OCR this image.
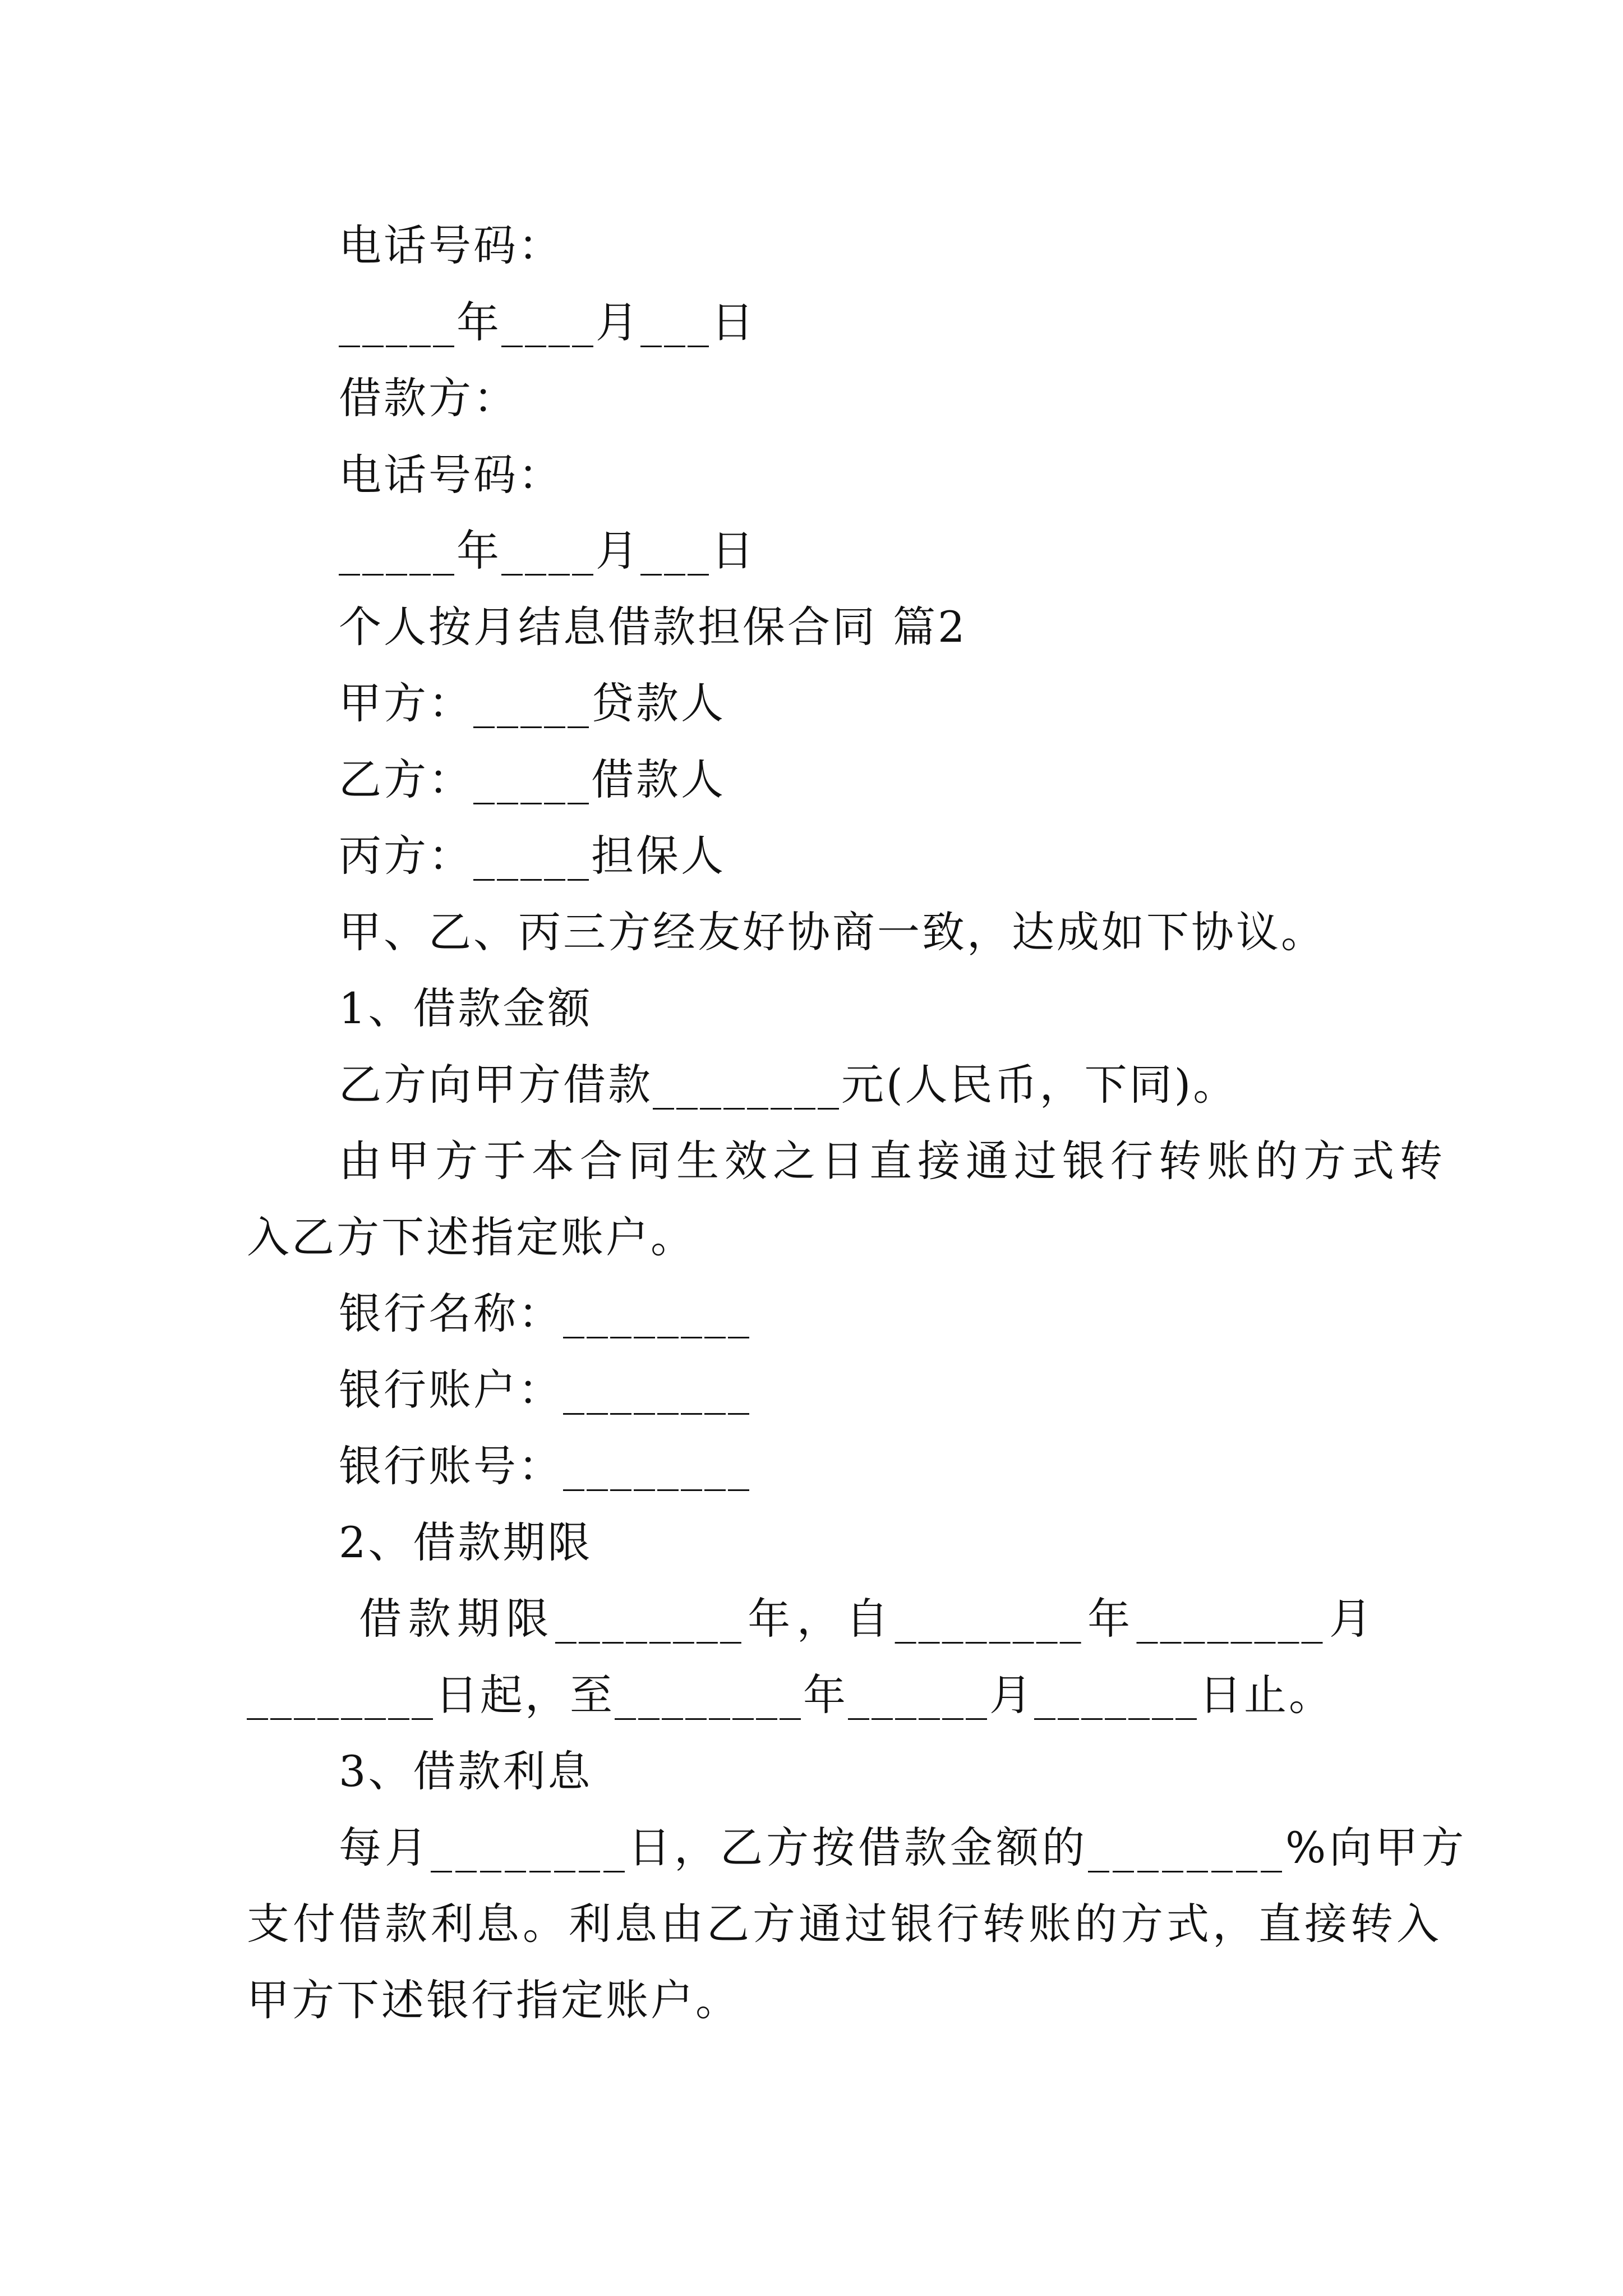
电话号码：
_____年____月___日
借款方：
电话号码：
_____年____月___日
个人按月结息借款担保合同 篇2
甲方：_____贷款人
乙方：_____借款人
丙方：_____担保人
甲、乙、丙三方经友好协商一致，达成如下协议。
1、借款金额
乙方向甲方借款________元(人民币，下同)。
由甲方于本合同生效之日直接通过银行转账的方式转
入乙方下述指定账户。
银行名称：________
银行账户：________
银行账号：________
2、借款期限
借 款 期 限 ________ 年 ， 自 ________ 年 ________ 月
________日起，至________年______月_______日止。
3、借款利息
每月________日，乙方按借款金额的________%向甲方
支付借款利息。利息由乙方通过银行转账的方式，直接转入
甲方下述银行指定账户。
